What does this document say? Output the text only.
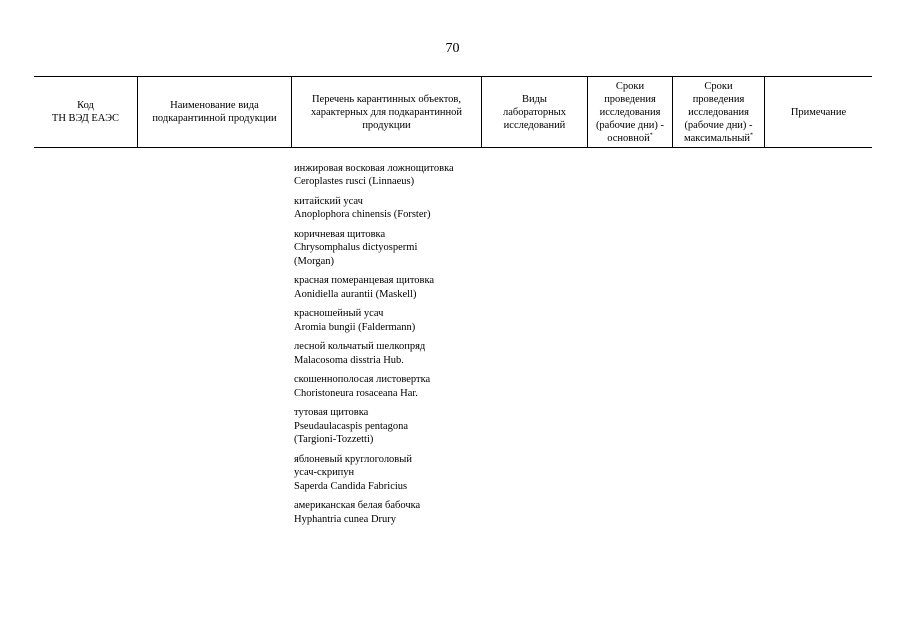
70
Код
ТН ВЭД ЕАЭС
Наименование вида
подкарантинной продукции
Перечень карантинных объектов,
характерных для подкарантинной
продукции
Виды
лабораторных
исследований
Сроки
проведения
исследования
(рабочие дни) -
основной*
Сроки
проведения
исследования
(рабочие дни) -
максимальный*
Примечание
инжировая восковая ложнощитовка
Ceroplastes rusci (Linnaeus)
китайский усач
Anoplophora chinensis (Forster)
коричневая щитовка
Chrysomphalus dictyospermi
(Morgan)
красная померанцевая щитовка
Aonidiella aurantii (Maskell)
красношейный усач
Aromia bungii (Faldermann)
лесной кольчатый шелкопряд
Malacosoma disstria Hub.
скошеннополосая листовертка
Choristoneura rosaceana Har.
тутовая щитовка
Pseudaulacaspis pentagona
(Targioni-Tozzetti)
яблоневый круглоголовый
усач-скрипун
Saperda Candida Fabricius
американская белая бабочка
Hyphantria cunea Drury
